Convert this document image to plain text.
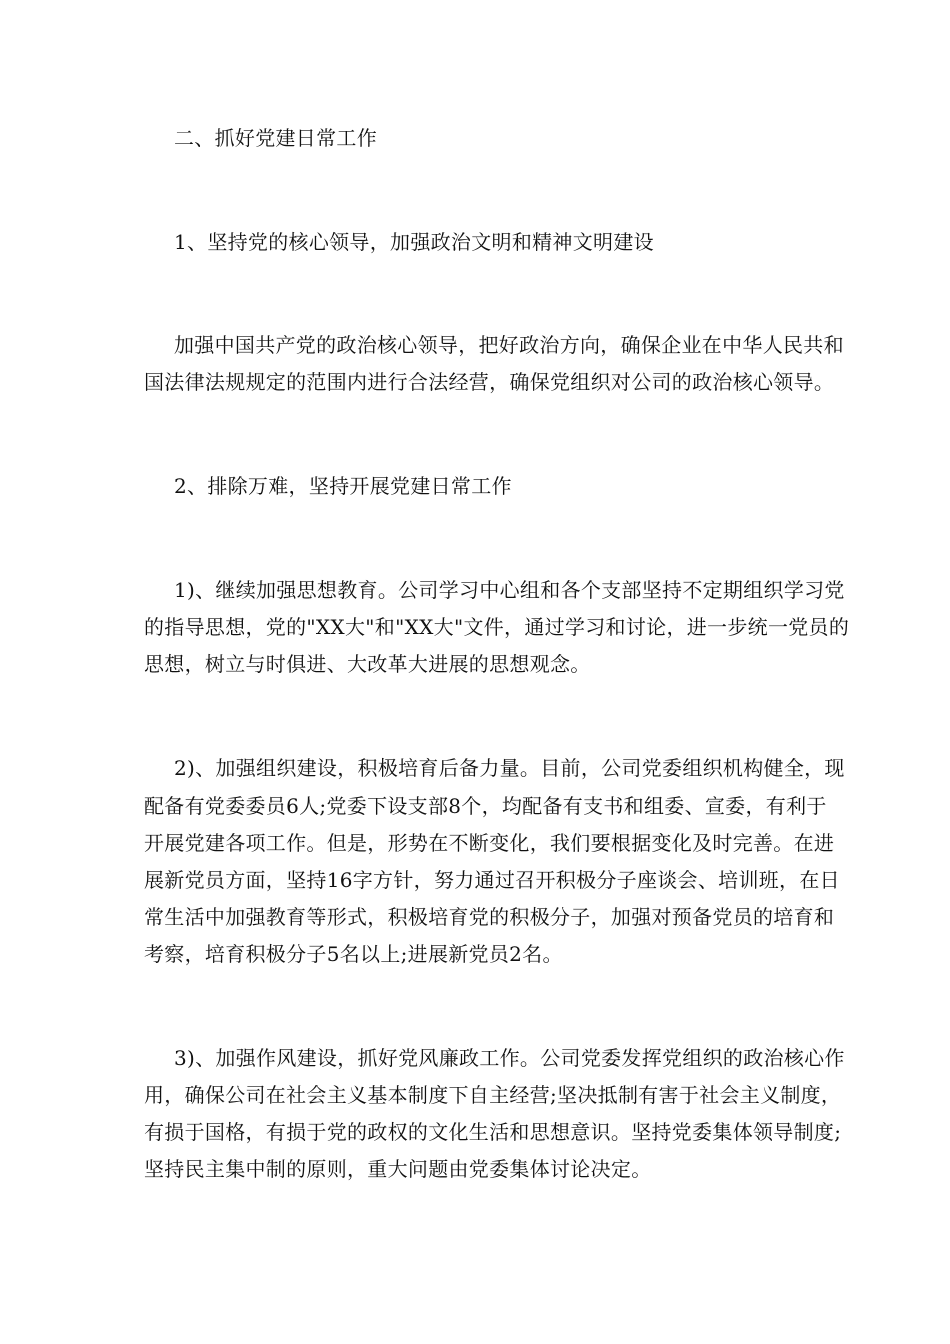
二、抓好党建日常工作
1、坚持党的核心领导，加强政治文明和精神文明建设
加强中国共产党的政治核心领导，把好政治方向，确保企业在中华人民共和
国法律法规规定的范围内进行合法经营，确保党组织对公司的政治核心领导。
2、排除万难，坚持开展党建日常工作
1)、继续加强思想教育。公司学习中心组和各个支部坚持不定期组织学习党
的指导思想，党的"XX大"和"XX大"文件，通过学习和讨论，进一步统一党员的
思想，树立与时俱进、大改革大进展的思想观念。
2)、加强组织建设，积极培育后备力量。目前，公司党委组织机构健全，现
配备有党委委员6人;党委下设支部8个，均配备有支书和组委、宣委，有利于
开展党建各项工作。但是，形势在不断变化，我们要根据变化及时完善。在进
展新党员方面，坚持16字方针，努力通过召开积极分子座谈会、培训班，在日
常生活中加强教育等形式，积极培育党的积极分子，加强对预备党员的培育和
考察，培育积极分子5名以上;进展新党员2名。
3)、加强作风建设，抓好党风廉政工作。公司党委发挥党组织的政治核心作
用，确保公司在社会主义基本制度下自主经营;坚决抵制有害于社会主义制度，
有损于国格，有损于党的政权的文化生活和思想意识。坚持党委集体领导制度;
坚持民主集中制的原则，重大问题由党委集体讨论决定。
